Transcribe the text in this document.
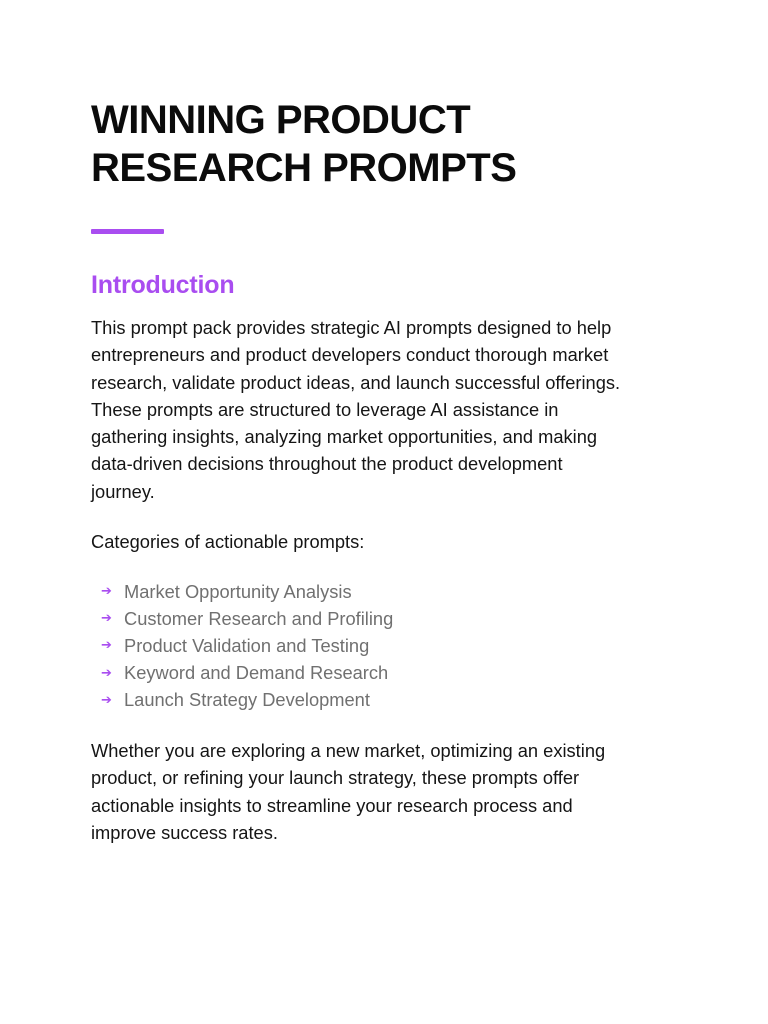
WINNING PRODUCT
RESEARCH PROMPTS
Introduction

This prompt pack provides strategic AI prompts designed to help
entrepreneurs and product developers conduct thorough market
research, validate product ideas, and launch successful offerings.
These prompts are structured to leverage AI assistance in
gathering insights, analyzing market opportunities, and making
data-driven decisions throughout the product development
journey.

Categories of actionable prompts:

➔ Market Opportunity Analysis
➔ Customer Research and Profiling
➔ Product Validation and Testing
➔ Keyword and Demand Research
➔ Launch Strategy Development

Whether you are exploring a new market, optimizing an existing
product, or refining your launch strategy, these prompts offer
actionable insights to streamline your research process and
improve success rates.
